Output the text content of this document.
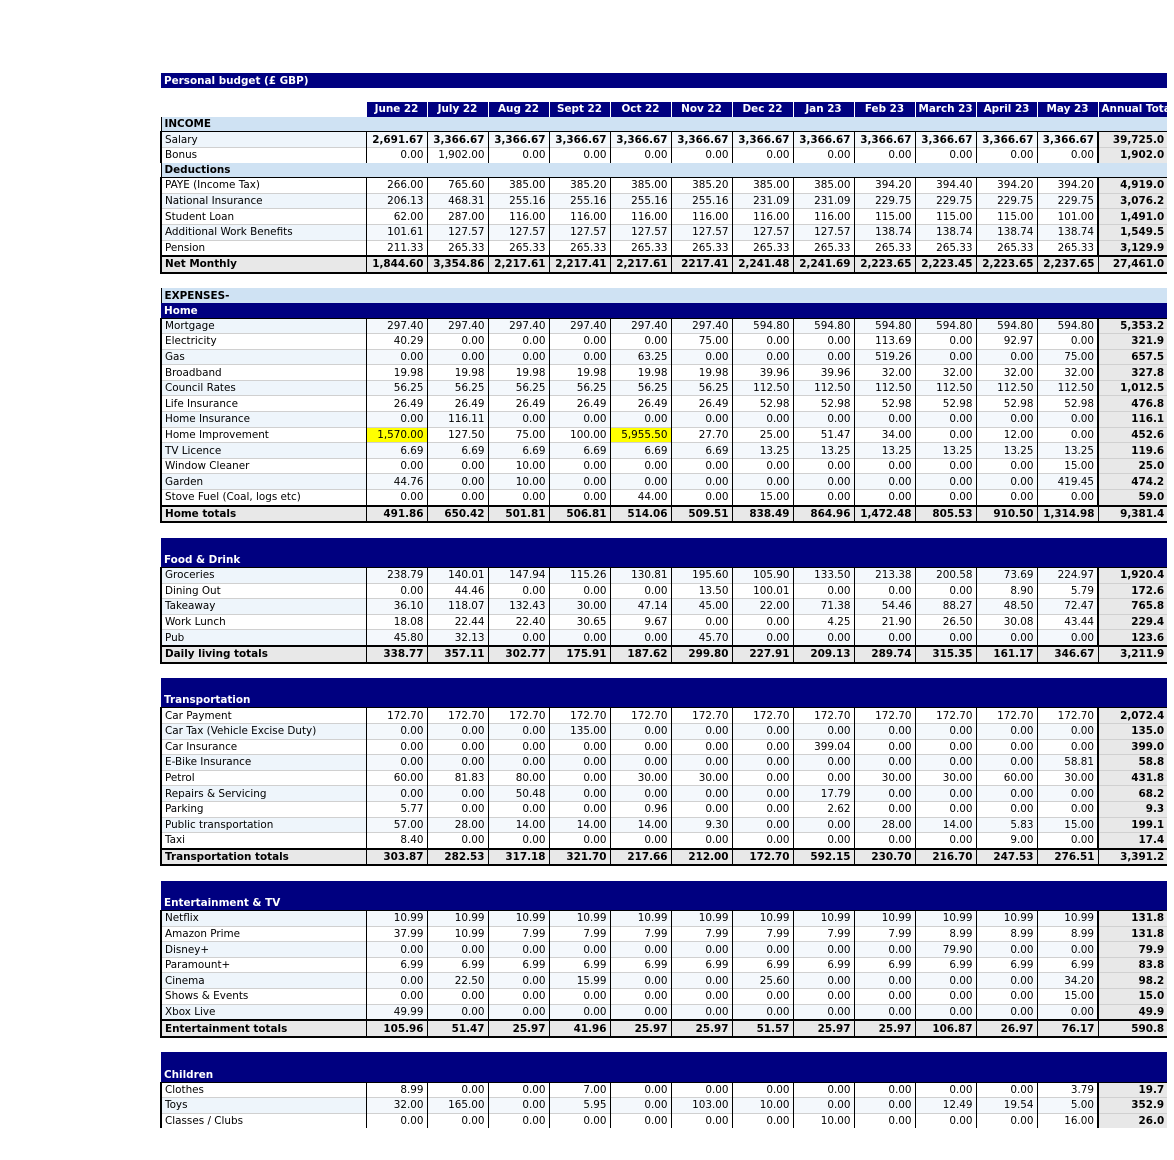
Personal budget (£ GBP)													

	June 22	July 22	Aug 22	Sept 22	Oct 22	Nov 22	Dec 22	Jan 23	Feb 23	March 23	April 23	May 23	Annual Total
INCOME													
Salary	2,691.67	3,366.67	3,366.67	3,366.67	3,366.67	3,366.67	3,366.67	3,366.67	3,366.67	3,366.67	3,366.67	3,366.67	39,725.0
Bonus	0.00	1,902.00	0.00	0.00	0.00	0.00	0.00	0.00	0.00	0.00	0.00	0.00	1,902.0
Deductions													
PAYE (Income Tax)	266.00	765.60	385.00	385.20	385.00	385.20	385.00	385.00	394.20	394.40	394.20	394.20	4,919.0
National Insurance	206.13	468.31	255.16	255.16	255.16	255.16	231.09	231.09	229.75	229.75	229.75	229.75	3,076.2
Student Loan	62.00	287.00	116.00	116.00	116.00	116.00	116.00	116.00	115.00	115.00	115.00	101.00	1,491.0
Additional Work Benefits	101.61	127.57	127.57	127.57	127.57	127.57	127.57	127.57	138.74	138.74	138.74	138.74	1,549.5
Pension	211.33	265.33	265.33	265.33	265.33	265.33	265.33	265.33	265.33	265.33	265.33	265.33	3,129.9
Net Monthly	1,844.60	3,354.86	2,217.61	2,217.41	2,217.61	2217.41	2,241.48	2,241.69	2,223.65	2,223.45	2,223.65	2,237.65	27,461.0

EXPENSES-													
Home													
Mortgage	297.40	297.40	297.40	297.40	297.40	297.40	594.80	594.80	594.80	594.80	594.80	594.80	5,353.2
Electricity	40.29	0.00	0.00	0.00	0.00	75.00	0.00	0.00	113.69	0.00	92.97	0.00	321.9
Gas	0.00	0.00	0.00	0.00	63.25	0.00	0.00	0.00	519.26	0.00	0.00	75.00	657.5
Broadband	19.98	19.98	19.98	19.98	19.98	19.98	39.96	39.96	32.00	32.00	32.00	32.00	327.8
Council Rates	56.25	56.25	56.25	56.25	56.25	56.25	112.50	112.50	112.50	112.50	112.50	112.50	1,012.5
Life Insurance	26.49	26.49	26.49	26.49	26.49	26.49	52.98	52.98	52.98	52.98	52.98	52.98	476.8
Home Insurance	0.00	116.11	0.00	0.00	0.00	0.00	0.00	0.00	0.00	0.00	0.00	0.00	116.1
Home Improvement	1,570.00	127.50	75.00	100.00	5,955.50	27.70	25.00	51.47	34.00	0.00	12.00	0.00	452.6
TV Licence	6.69	6.69	6.69	6.69	6.69	6.69	13.25	13.25	13.25	13.25	13.25	13.25	119.6
Window Cleaner	0.00	0.00	10.00	0.00	0.00	0.00	0.00	0.00	0.00	0.00	0.00	15.00	25.0
Garden	44.76	0.00	10.00	0.00	0.00	0.00	0.00	0.00	0.00	0.00	0.00	419.45	474.2
Stove Fuel (Coal, logs etc)	0.00	0.00	0.00	0.00	44.00	0.00	15.00	0.00	0.00	0.00	0.00	0.00	59.0
Home totals	491.86	650.42	501.81	506.81	514.06	509.51	838.49	864.96	1,472.48	805.53	910.50	1,314.98	9,381.4

Food & Drink													
Groceries	238.79	140.01	147.94	115.26	130.81	195.60	105.90	133.50	213.38	200.58	73.69	224.97	1,920.4
Dining Out	0.00	44.46	0.00	0.00	0.00	13.50	100.01	0.00	0.00	0.00	8.90	5.79	172.6
Takeaway	36.10	118.07	132.43	30.00	47.14	45.00	22.00	71.38	54.46	88.27	48.50	72.47	765.8
Work Lunch	18.08	22.44	22.40	30.65	9.67	0.00	0.00	4.25	21.90	26.50	30.08	43.44	229.4
Pub	45.80	32.13	0.00	0.00	0.00	45.70	0.00	0.00	0.00	0.00	0.00	0.00	123.6
Daily living totals	338.77	357.11	302.77	175.91	187.62	299.80	227.91	209.13	289.74	315.35	161.17	346.67	3,211.9

Transportation													
Car Payment	172.70	172.70	172.70	172.70	172.70	172.70	172.70	172.70	172.70	172.70	172.70	172.70	2,072.4
Car Tax (Vehicle Excise Duty)	0.00	0.00	0.00	135.00	0.00	0.00	0.00	0.00	0.00	0.00	0.00	0.00	135.0
Car Insurance	0.00	0.00	0.00	0.00	0.00	0.00	0.00	399.04	0.00	0.00	0.00	0.00	399.0
E-Bike Insurance	0.00	0.00	0.00	0.00	0.00	0.00	0.00	0.00	0.00	0.00	0.00	58.81	58.8
Petrol	60.00	81.83	80.00	0.00	30.00	30.00	0.00	0.00	30.00	30.00	60.00	30.00	431.8
Repairs & Servicing	0.00	0.00	50.48	0.00	0.00	0.00	0.00	17.79	0.00	0.00	0.00	0.00	68.2
Parking	5.77	0.00	0.00	0.00	0.96	0.00	0.00	2.62	0.00	0.00	0.00	0.00	9.3
Public transportation	57.00	28.00	14.00	14.00	14.00	9.30	0.00	0.00	28.00	14.00	5.83	15.00	199.1
Taxi	8.40	0.00	0.00	0.00	0.00	0.00	0.00	0.00	0.00	0.00	9.00	0.00	17.4
Transportation totals	303.87	282.53	317.18	321.70	217.66	212.00	172.70	592.15	230.70	216.70	247.53	276.51	3,391.2

Entertainment & TV													
Netflix	10.99	10.99	10.99	10.99	10.99	10.99	10.99	10.99	10.99	10.99	10.99	10.99	131.8
Amazon Prime	37.99	10.99	7.99	7.99	7.99	7.99	7.99	7.99	7.99	8.99	8.99	8.99	131.8
Disney+	0.00	0.00	0.00	0.00	0.00	0.00	0.00	0.00	0.00	79.90	0.00	0.00	79.9
Paramount+	6.99	6.99	6.99	6.99	6.99	6.99	6.99	6.99	6.99	6.99	6.99	6.99	83.8
Cinema	0.00	22.50	0.00	15.99	0.00	0.00	25.60	0.00	0.00	0.00	0.00	34.20	98.2
Shows & Events	0.00	0.00	0.00	0.00	0.00	0.00	0.00	0.00	0.00	0.00	0.00	15.00	15.0
Xbox Live	49.99	0.00	0.00	0.00	0.00	0.00	0.00	0.00	0.00	0.00	0.00	0.00	49.9
Entertainment totals	105.96	51.47	25.97	41.96	25.97	25.97	51.57	25.97	25.97	106.87	26.97	76.17	590.8

Children													
Clothes	8.99	0.00	0.00	7.00	0.00	0.00	0.00	0.00	0.00	0.00	0.00	3.79	19.7
Toys	32.00	165.00	0.00	5.95	0.00	103.00	10.00	0.00	0.00	12.49	19.54	5.00	352.9
Classes / Clubs	0.00	0.00	0.00	0.00	0.00	0.00	0.00	10.00	0.00	0.00	0.00	16.00	26.0
